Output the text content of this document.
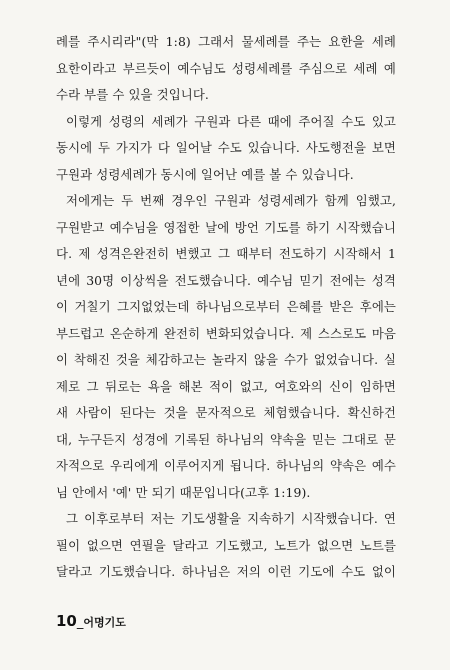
례를 주시리라"(막 1:8) 그래서 물세례를 주는 요한을 세례
요한이라고 부르듯이 예수님도 성령세례를 주심으로 세례 예
수라 부를 수 있을 것입니다.
이렇게 성령의 세례가 구원과 다른 때에 주어질 수도 있고
동시에 두 가지가 다 일어날 수도 있습니다. 사도행전을 보면
구원과 성령세례가 동시에 일어난 예를 볼 수 있습니다.
저에게는 두 번째 경우인 구원과 성령세례가 함께 임했고,
구원받고 예수님을 영접한 날에 방언 기도를 하기 시작했습니
다. 제 성격은완전히 변했고 그 때부터 전도하기 시작해서 1
년에 30명 이상씩을 전도했습니다. 예수님 믿기 전에는 성격
이 거칠기 그지없었는데 하나님으로부터 은혜를 받은 후에는
부드럽고 온순하게 완전히 변화되었습니다. 제 스스로도 마음
이 착해진 것을 체감하고는 놀라지 않을 수가 없었습니다. 실
제로 그 뒤로는 욕을 해본 적이 없고, 여호와의 신이 임하면
새 사람이 된다는 것을 문자적으로 체험했습니다. 확신하건
대, 누구든지 성경에 기록된 하나님의 약속을 믿는 그대로 문
자적으로 우리에게 이루어지게 됩니다. 하나님의 약속은 예수
님 안에서 '예' 만 되기 때문입니다(고후 1:19).
그 이후로부터 저는 기도생활을 지속하기 시작했습니다. 연
필이 없으면 연필을 달라고 기도했고, 노트가 없으면 노트를
달라고 기도했습니다. 하나님은 저의 이런 기도에 수도 없이
10_어명기도
